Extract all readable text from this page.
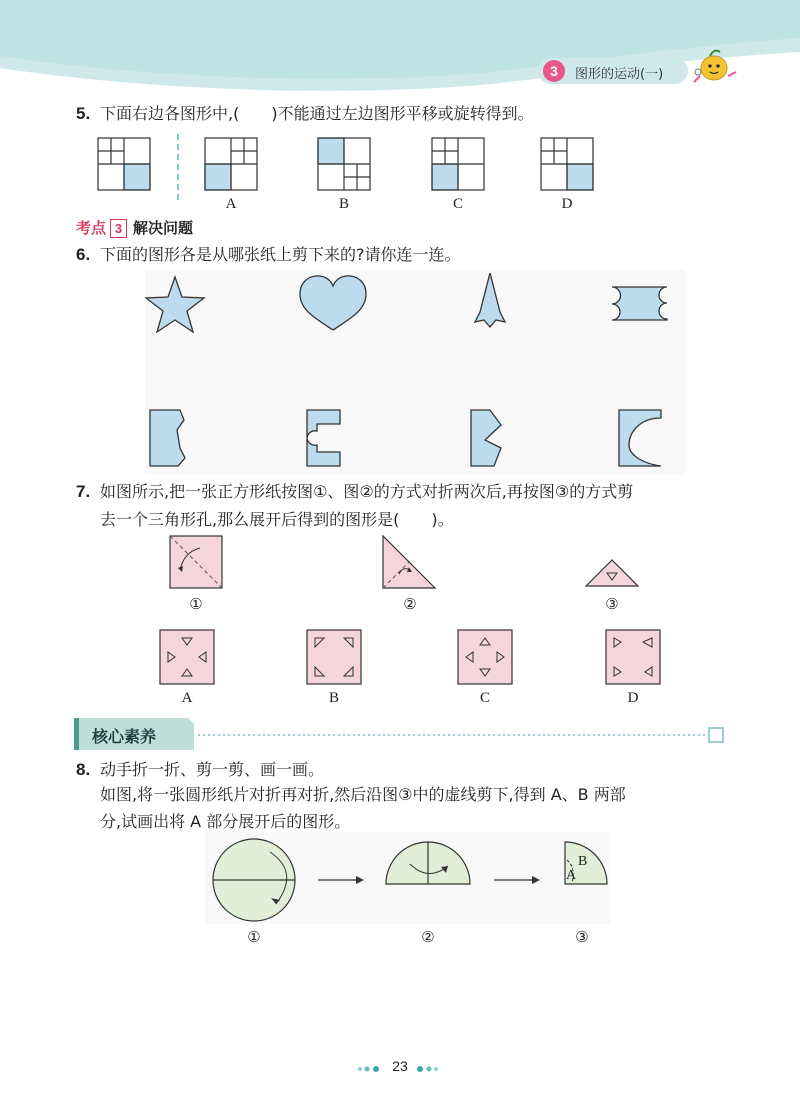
3	图形的运动(一)
5. 下面右边各图形中,(　　)不能通过左边图形平移或旋转得到。
A	B	C	D
考点 3 解决问题
6. 下面的图形各是从哪张纸上剪下来的?请你连一连。
7. 如图所示,把一张正方形纸按图①、图②的方式对折两次后,再按图③的方式剪
去一个三角形孔,那么展开后得到的图形是(　　)。
①	②	③
A	B	C	D
核心素养
8. 动手折一折、剪一剪、画一画。
如图,将一张圆形纸片对折再对折,然后沿图③中的虚线剪下,得到 A、B 两部
分,试画出将 A 部分展开后的图形。
A
B
①	②	③
23
